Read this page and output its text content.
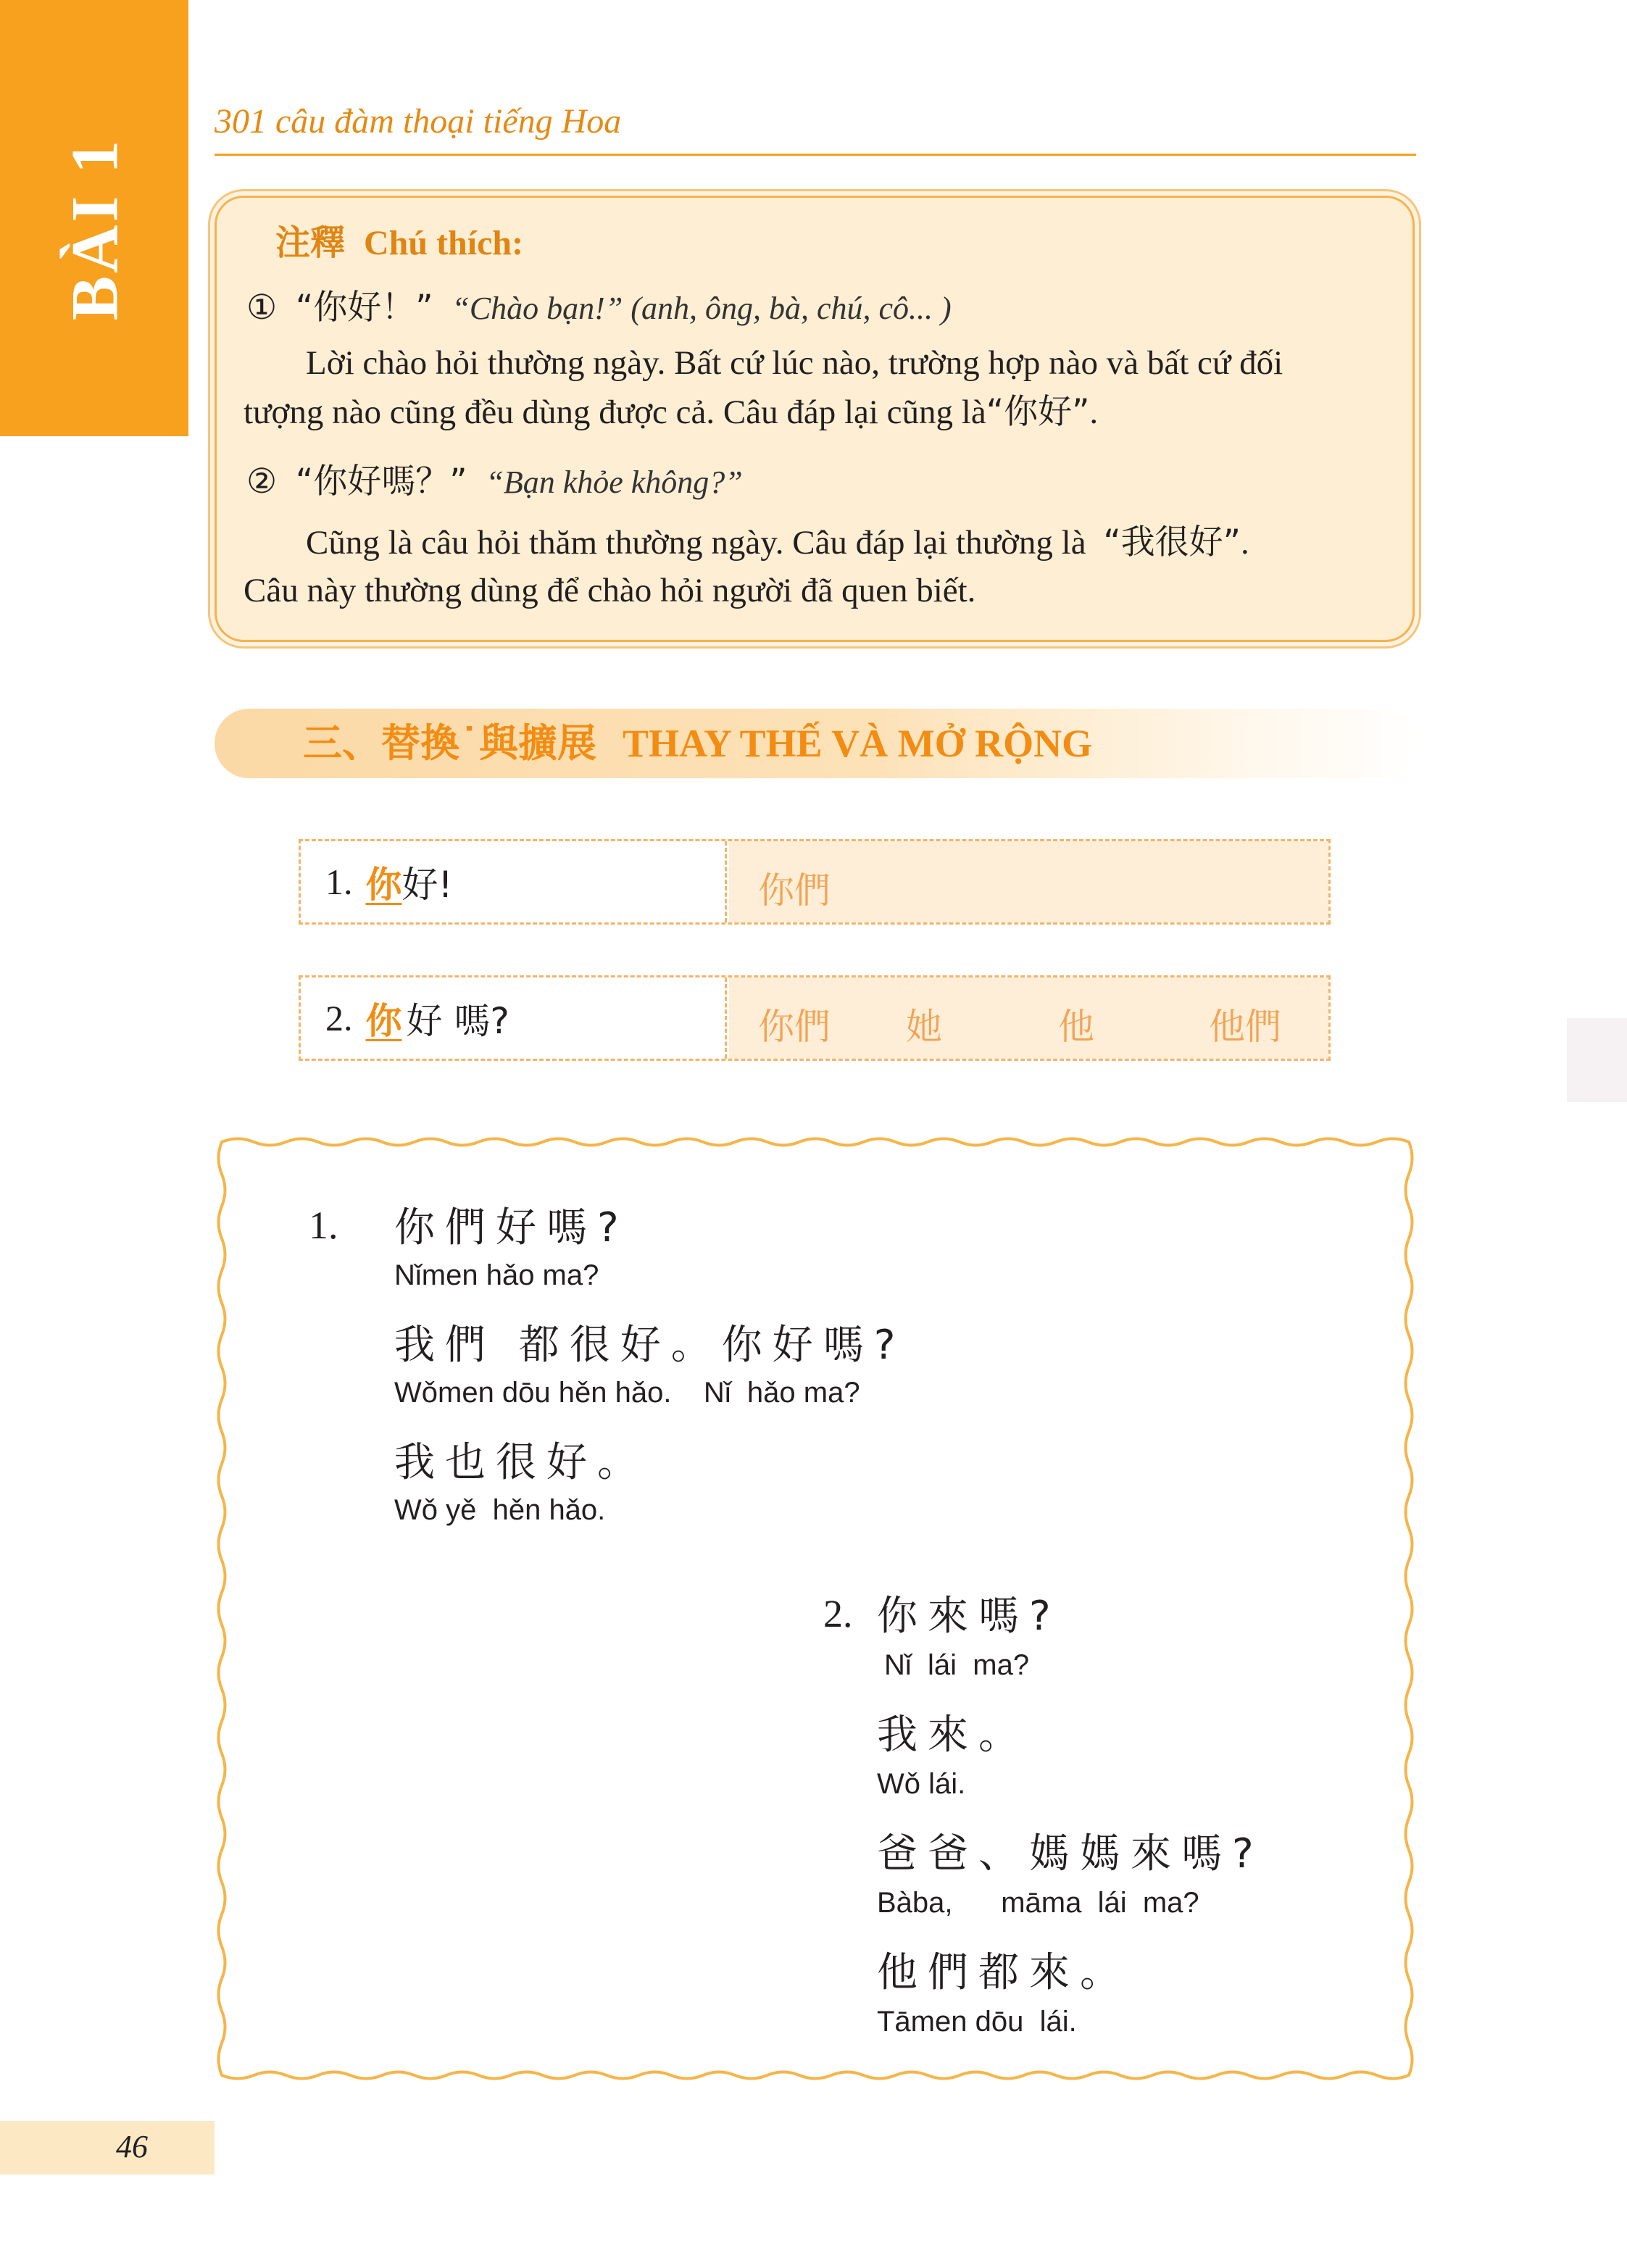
BÀI 1
301 câu đàm thoại tiếng Hoa
注釋 Chú thích:
① “你好！” “Chào bạn!” (anh, ông, bà, chú, cô... )
Lời chào hỏi thường ngày. Bất cứ lúc nào, trường hợp nào và bất cứ đối
tượng nào cũng đều dùng được cả. Câu đáp lại cũng là“你好”.
② “你好嗎？” “Bạn khỏe không?”
Cũng là câu hỏi thăm thường ngày. Câu đáp lại thường là “我很好”.
Câu này thường dùng để chào hỏi người đã quen biết.
三、替換˙與擴展 THAY THẾ VÀ MỞ RỘNG
1. 你 好!	你們
2. 你 好 嗎?	你們 她	他	他們
1. 你們好嗎?
Nǐmen hǎo ma?
我們 都很好。你好嗎?
Wǒmen dōu hěn hǎo.    Nǐ  hǎo ma?
我也很好。
Wǒ yě  hěn hǎo.
2. 你來嗎?
Nǐ  lái  ma?
我來。
Wǒ lái.
爸爸、媽媽來嗎?
Bàba,      māma  lái  ma?
他們都來。
Tāmen dōu  lái.
46
